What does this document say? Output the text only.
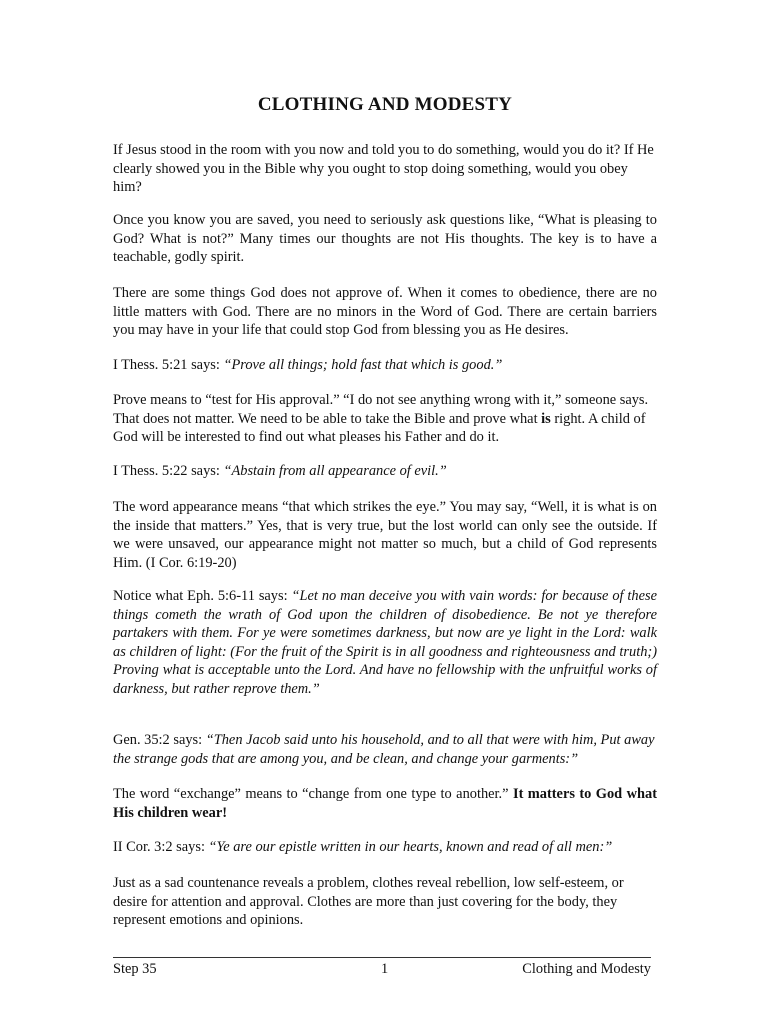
CLOTHING AND MODESTY

If Jesus stood in the room with you now and told you to do something, would you do it? If He clearly showed you in the Bible why you ought to stop doing something, would you obey him?

Once you know you are saved, you need to seriously ask questions like, “What is pleasing to God? What is not?” Many times our thoughts are not His thoughts. The key is to have a teachable, godly spirit.

There are some things God does not approve of. When it comes to obedience, there are no little matters with God. There are no minors in the Word of God. There are certain barriers you may have in your life that could stop God from blessing you as He desires.

I Thess. 5:21 says: “Prove all things; hold fast that which is good.”

Prove means to “test for His approval.” “I do not see anything wrong with it,” someone says. That does not matter. We need to be able to take the Bible and prove what is right. A child of God will be interested to find out what pleases his Father and do it.

I Thess. 5:22 says: “Abstain from all appearance of evil.”

The word appearance means “that which strikes the eye.” You may say, “Well, it is what is on the inside that matters.” Yes, that is very true, but the lost world can only see the outside. If we were unsaved, our appearance might not matter so much, but a child of God represents Him. (I Cor. 6:19-20)

Notice what Eph. 5:6-11 says: “Let no man deceive you with vain words: for because of these things cometh the wrath of God upon the children of disobedience. Be not ye therefore partakers with them. For ye were sometimes darkness, but now are ye light in the Lord: walk as children of light: (For the fruit of the Spirit is in all goodness and righteousness and truth;) Proving what is acceptable unto the Lord. And have no fellowship with the unfruitful works of darkness, but rather reprove them.”

Gen. 35:2 says: “Then Jacob said unto his household, and to all that were with him, Put away the strange gods that are among you, and be clean, and change your garments:”

The word “exchange” means to “change from one type to another.” It matters to God what His children wear!

II Cor. 3:2 says: “Ye are our epistle written in our hearts, known and read of all men:”

Just as a sad countenance reveals a problem, clothes reveal rebellion, low self-esteem, or desire for attention and approval. Clothes are more than just covering for the body, they represent emotions and opinions.

Step 35	1	Clothing and Modesty
